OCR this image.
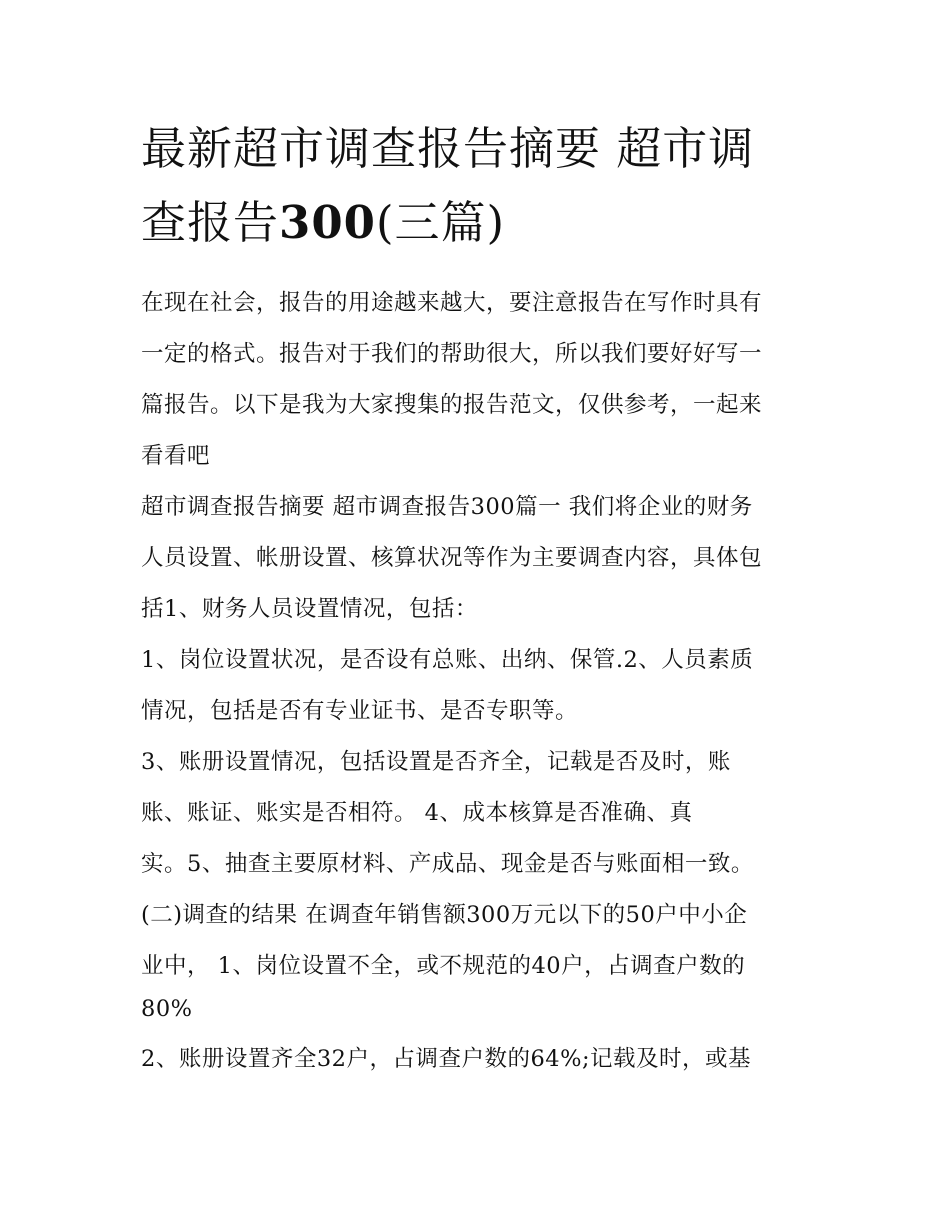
最新超市调查报告摘要 超市调
查报告300(三篇)

在现在社会，报告的用途越来越大，要注意报告在写作时具有
一定的格式。报告对于我们的帮助很大，所以我们要好好写一
篇报告。以下是我为大家搜集的报告范文，仅供参考，一起来
看看吧

超市调查报告摘要 超市调查报告300篇一 我们将企业的财务
人员设置、帐册设置、核算状况等作为主要调查内容，具体包
括1、财务人员设置情况，包括：

1、岗位设置状况，是否设有总账、出纳、保管.2、人员素质
情况，包括是否有专业证书、是否专职等。

3、账册设置情况，包括设置是否齐全，记载是否及时，账
账、账证、账实是否相符。 4、成本核算是否准确、真
实。5、抽查主要原材料、产成品、现金是否与账面相一致。

(二)调查的结果 在调查年销售额300万元以下的50户中小企
业中， 1、岗位设置不全，或不规范的40户，占调查户数的
80%

2、账册设置齐全32户，占调查户数的64%;记载及时，或基
